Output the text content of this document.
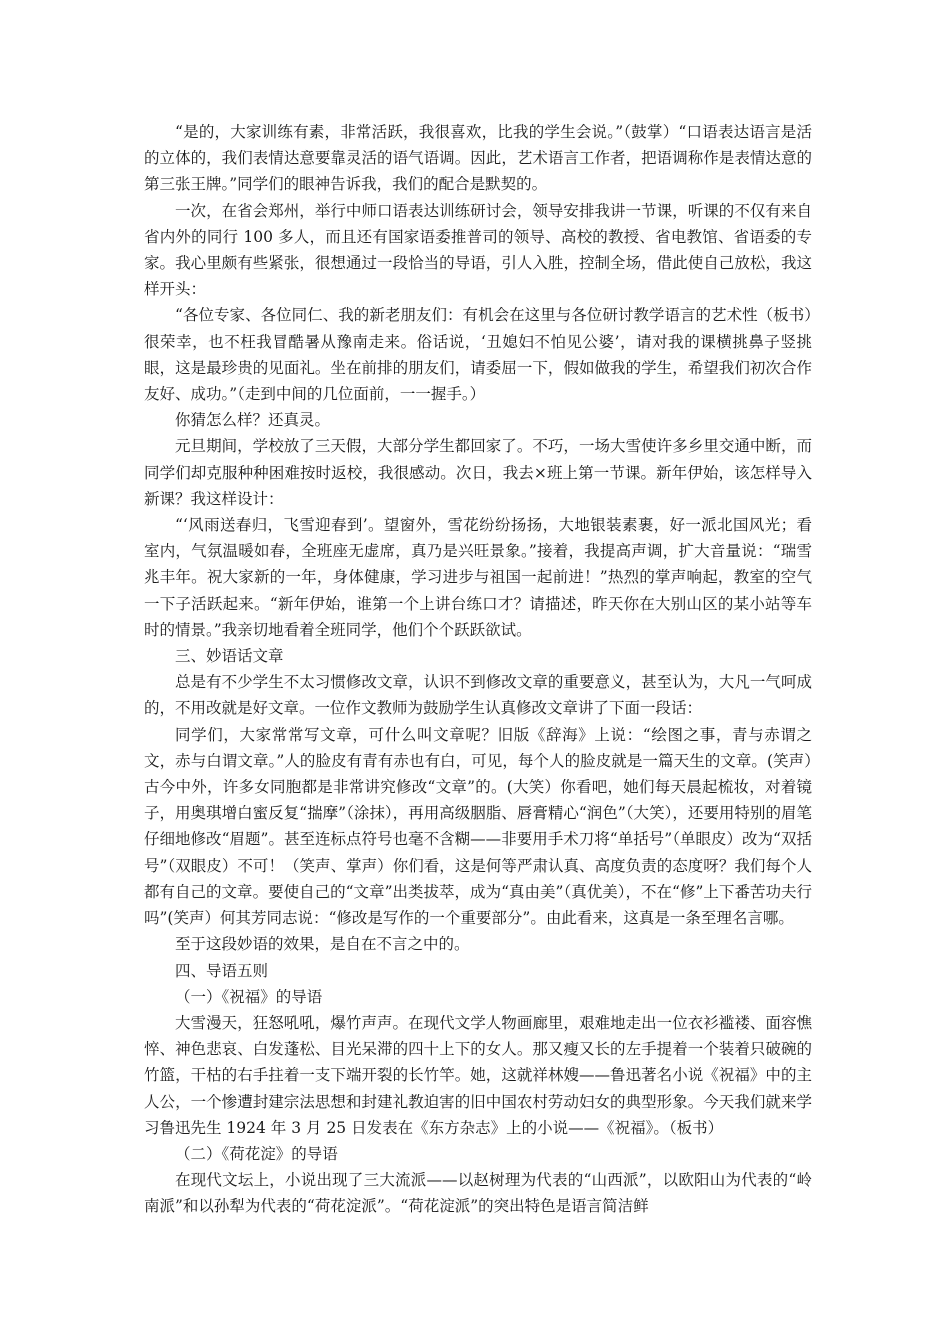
“是的，大家训练有素，非常活跃，我很喜欢，比我的学生会说。”（鼓掌）“口语表达语言是活的立体的，我们表情达意要靠灵活的语气语调。因此，艺术语言工作者，把语调称作是表情达意的第三张王牌。”同学们的眼神告诉我，我们的配合是默契的。

一次，在省会郑州，举行中师口语表达训练研讨会，领导安排我讲一节课，听课的不仅有来自省内外的同行 100 多人，而且还有国家语委推普司的领导、高校的教授、省电教馆、省语委的专家。我心里颇有些紧张，很想通过一段恰当的导语，引人入胜，控制全场，借此使自己放松，我这样开头：

“各位专家、各位同仁、我的新老朋友们：有机会在这里与各位研讨教学语言的艺术性（板书）很荣幸，也不枉我冒酷暑从豫南走来。俗话说，‘丑媳妇不怕见公婆’，请对我的课横挑鼻子竖挑眼，这是最珍贵的见面礼。坐在前排的朋友们，请委屈一下，假如做我的学生，希望我们初次合作友好、成功。”（走到中间的几位面前，一一握手。）

你猜怎么样？还真灵。

元旦期间，学校放了三天假，大部分学生都回家了。不巧，一场大雪使许多乡里交通中断，而同学们却克服种种困难按时返校，我很感动。次日，我去×班上第一节课。新年伊始，该怎样导入新课？我这样设计：

“‘风雨送春归，飞雪迎春到’。望窗外，雪花纷纷扬扬，大地银装素裹，好一派北国风光；看室内，气氛温暖如春，全班座无虚席，真乃是兴旺景象。”接着，我提高声调，扩大音量说：“瑞雪兆丰年。祝大家新的一年，身体健康，学习进步与祖国一起前进！”热烈的掌声响起，教室的空气一下子活跃起来。“新年伊始，谁第一个上讲台练口才？请描述，昨天你在大别山区的某小站等车时的情景。”我亲切地看着全班同学，他们个个跃跃欲试。

三、妙语话文章

总是有不少学生不太习惯修改文章，认识不到修改文章的重要意义，甚至认为，大凡一气呵成的，不用改就是好文章。一位作文教师为鼓励学生认真修改文章讲了下面一段话：

同学们，大家常常写文章，可什么叫文章呢？旧版《辞海》上说：“绘图之事，青与赤谓之文，赤与白谓文章。”人的脸皮有青有赤也有白，可见，每个人的脸皮就是一篇天生的文章。(笑声）古今中外，许多女同胞都是非常讲究修改“文章”的。(大笑）你看吧，她们每天晨起梳妆，对着镜子，用奥琪增白蜜反复“揣摩”（涂抹），再用高级胭脂、唇膏精心“润色”（大笑），还要用特别的眉笔仔细地修改“眉题”。甚至连标点符号也毫不含糊——非要用手术刀将“单括号”（单眼皮）改为“双括号”（双眼皮）不可！（笑声、掌声）你们看，这是何等严肃认真、高度负责的态度呀？我们每个人都有自己的文章。要使自己的“文章”出类拔萃，成为“真由美”（真优美），不在“修”上下番苦功夫行吗”(笑声）何其芳同志说：“修改是写作的一个重要部分”。由此看来，这真是一条至理名言哪。

至于这段妙语的效果，是自在不言之中的。

四、导语五则

（一）《祝福》的导语

大雪漫天，狂怒吼吼，爆竹声声。在现代文学人物画廊里，艰难地走出一位衣衫褴褛、面容憔悴、神色悲哀、白发蓬松、目光呆滞的四十上下的女人。那又瘦又长的左手提着一个装着只破碗的竹篮，干枯的右手拄着一支下端开裂的长竹竿。她，这就祥林嫂——鲁迅著名小说《祝福》中的主人公，一个惨遭封建宗法思想和封建礼教迫害的旧中国农村劳动妇女的典型形象。今天我们就来学习鲁迅先生 1924 年 3 月 25 日发表在《东方杂志》上的小说——《祝福》。（板书）

（二）《荷花淀》的导语

在现代文坛上，小说出现了三大流派——以赵树理为代表的“山西派”，以欧阳山为代表的“岭南派”和以孙犁为代表的“荷花淀派”。“荷花淀派”的突出特色是语言简洁鲜
